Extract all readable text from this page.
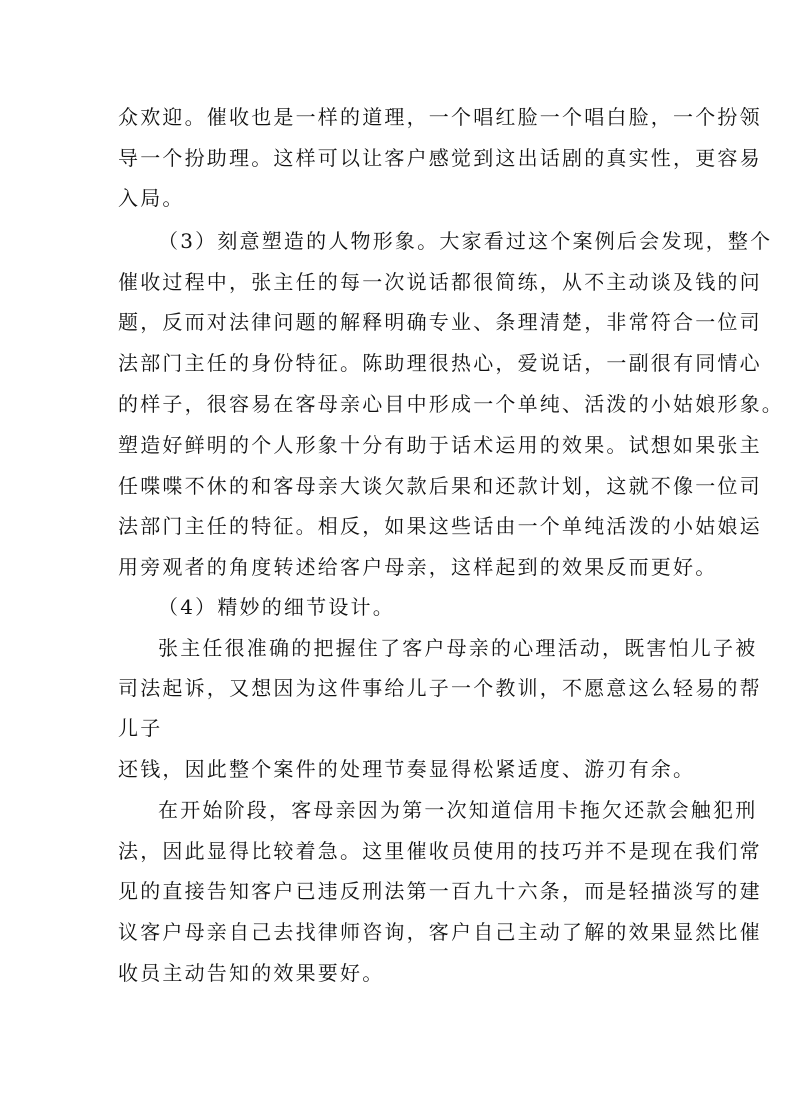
众欢迎。催收也是一样的道理，一个唱红脸一个唱白脸，一个扮领
导一个扮助理。这样可以让客户感觉到这出话剧的真实性，更容易
入局。
（3）刻意塑造的人物形象。大家看过这个案例后会发现，整个
催收过程中，张主任的每一次说话都很简练，从不主动谈及钱的问
题，反而对法律问题的解释明确专业、条理清楚，非常符合一位司
法部门主任的身份特征。陈助理很热心，爱说话，一副很有同情心
的样子，很容易在客母亲心目中形成一个单纯、活泼的小姑娘形象。
塑造好鲜明的个人形象十分有助于话术运用的效果。试想如果张主
任喋喋不休的和客母亲大谈欠款后果和还款计划，这就不像一位司
法部门主任的特征。相反，如果这些话由一个单纯活泼的小姑娘运
用旁观者的角度转述给客户母亲，这样起到的效果反而更好。
（4）精妙的细节设计。
张主任很准确的把握住了客户母亲的心理活动，既害怕儿子被
司法起诉，又想因为这件事给儿子一个教训，不愿意这么轻易的帮
儿子
还钱，因此整个案件的处理节奏显得松紧适度、游刃有余。
在开始阶段，客母亲因为第一次知道信用卡拖欠还款会触犯刑
法，因此显得比较着急。这里催收员使用的技巧并不是现在我们常
见的直接告知客户已违反刑法第一百九十六条，而是轻描淡写的建
议客户母亲自己去找律师咨询，客户自己主动了解的效果显然比催
收员主动告知的效果要好。
